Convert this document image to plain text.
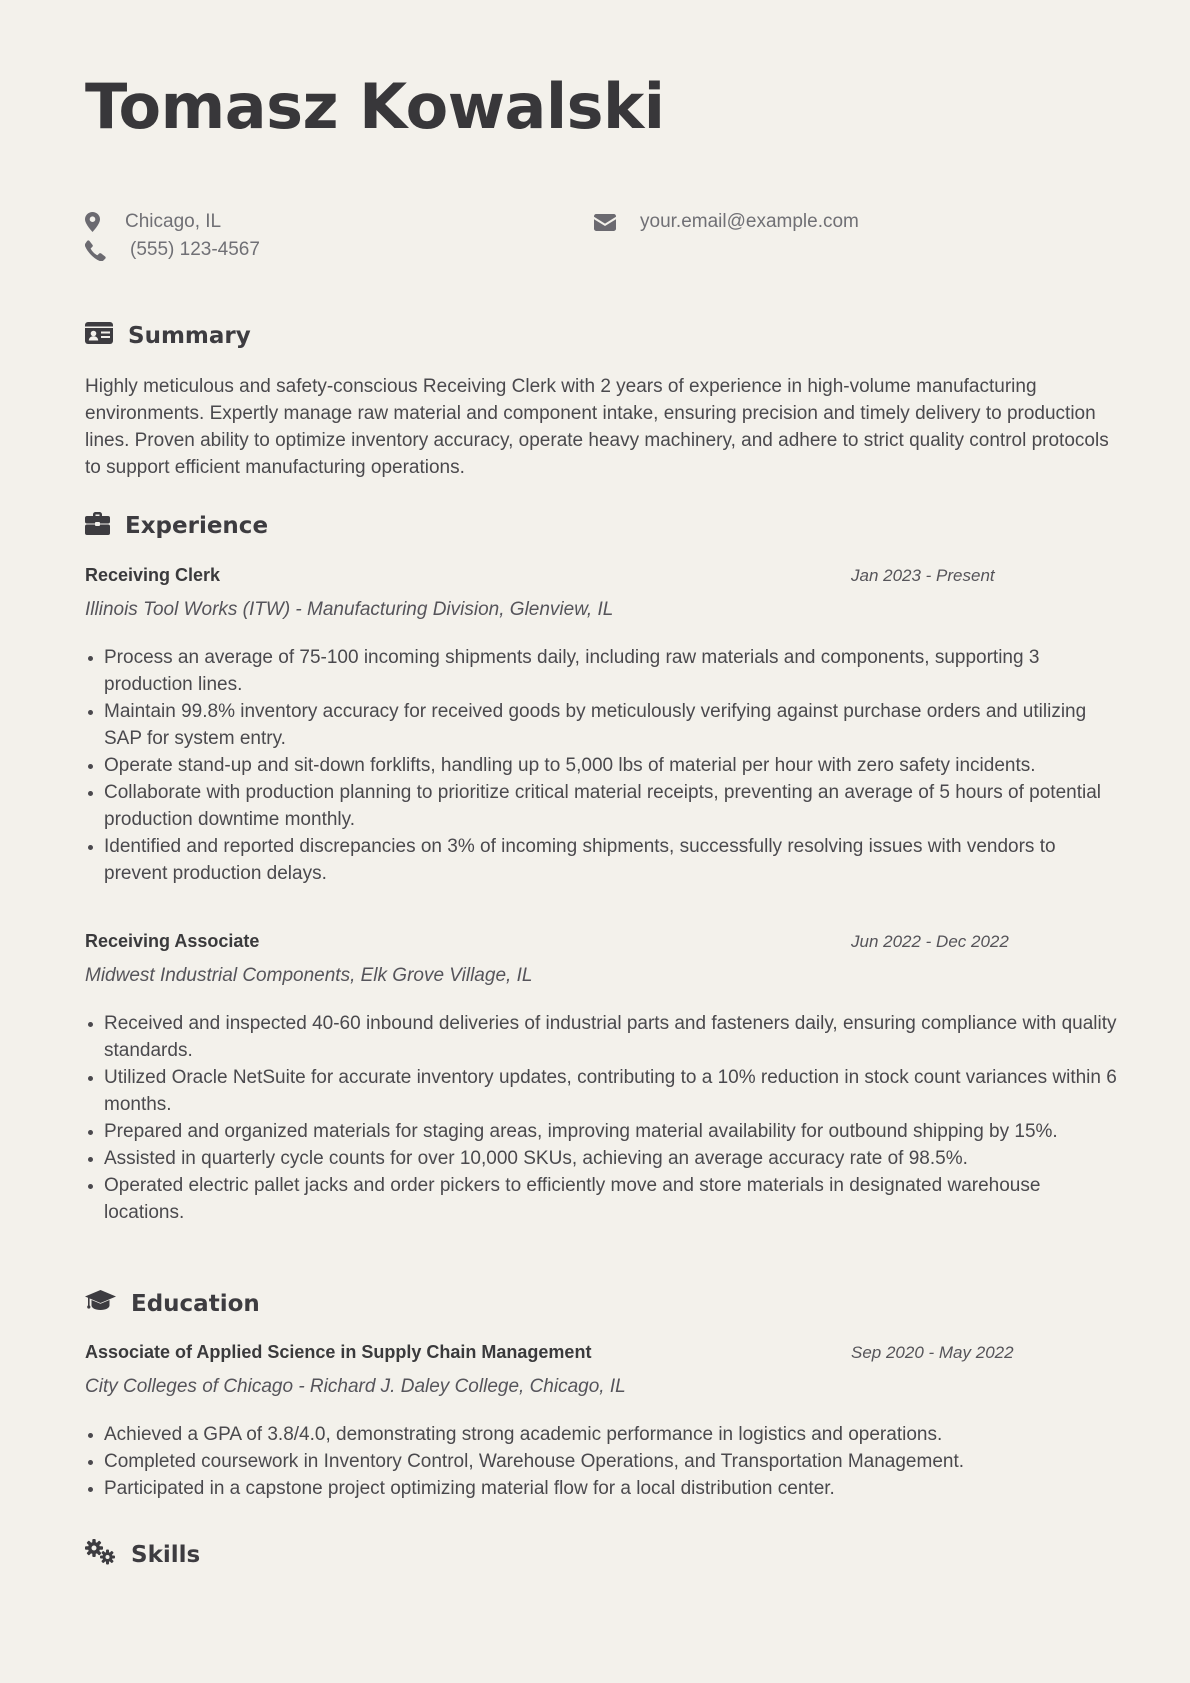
Tomasz Kowalski
Chicago, IL
(555) 123-4567
your.email@example.com
Summary

Highly meticulous and safety-conscious Receiving Clerk with 2 years of experience in high-volume manufacturing environments. Expertly manage raw material and component intake, ensuring precision and timely delivery to production lines. Proven ability to optimize inventory accuracy, operate heavy machinery, and adhere to strict quality control protocols to support efficient manufacturing operations.

Experience
Receiving Clerk	Jan 2023 - Present
Illinois Tool Works (ITW) - Manufacturing Division, Glenview, IL
Process an average of 75-100 incoming shipments daily, including raw materials and components, supporting 3 production lines.
Maintain 99.8% inventory accuracy for received goods by meticulously verifying against purchase orders and utilizing SAP for system entry.
Operate stand-up and sit-down forklifts, handling up to 5,000 lbs of material per hour with zero safety incidents.
Collaborate with production planning to prioritize critical material receipts, preventing an average of 5 hours of potential production downtime monthly.
Identified and reported discrepancies on 3% of incoming shipments, successfully resolving issues with vendors to prevent production delays.
Receiving Associate	Jun 2022 - Dec 2022
Midwest Industrial Components, Elk Grove Village, IL
Received and inspected 40-60 inbound deliveries of industrial parts and fasteners daily, ensuring compliance with quality standards.
Utilized Oracle NetSuite for accurate inventory updates, contributing to a 10% reduction in stock count variances within 6 months.
Prepared and organized materials for staging areas, improving material availability for outbound shipping by 15%.
Assisted in quarterly cycle counts for over 10,000 SKUs, achieving an average accuracy rate of 98.5%.
Operated electric pallet jacks and order pickers to efficiently move and store materials in designated warehouse locations.
Education
Associate of Applied Science in Supply Chain Management	Sep 2020 - May 2022
City Colleges of Chicago - Richard J. Daley College, Chicago, IL
Achieved a GPA of 3.8/4.0, demonstrating strong academic performance in logistics and operations.
Completed coursework in Inventory Control, Warehouse Operations, and Transportation Management.
Participated in a capstone project optimizing material flow for a local distribution center.
Skills
